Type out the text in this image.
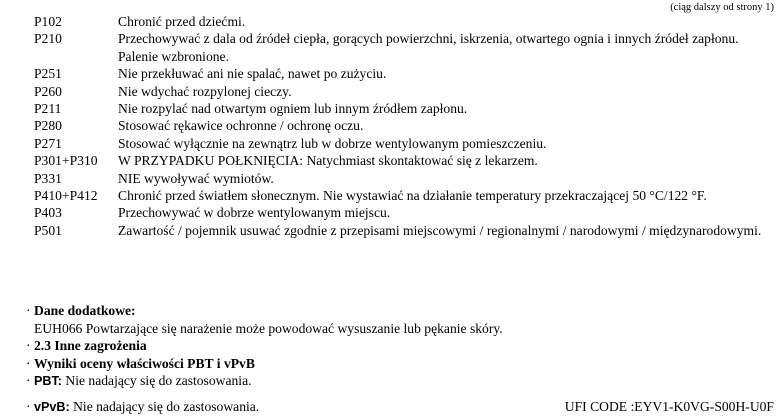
(ciąg dalszy od strony 1)
P102	Chronić przed dziećmi.
P210	Przechowywać z dala od źródeł ciepła, gorących powierzchni, iskrzenia, otwartego ognia i innych źródeł zapłonu. Palenie wzbronione.
P251	Nie przekłuwać ani nie spalać, nawet po zużyciu.
P260	Nie wdychać rozpylonej cieczy.
P211	Nie rozpylać nad otwartym ogniem lub innym źródłem zapłonu.
P280	Stosować rękawice ochronne / ochronę oczu.
P271	Stosować wyłącznie na zewnątrz lub w dobrze wentylowanym pomieszczeniu.
P301+P310	W PRZYPADKU POŁKNIĘCIA: Natychmiast skontaktować się z lekarzem.
P331	NIE wywoływać wymiotów.
P410+P412	Chronić przed światłem słonecznym. Nie wystawiać na działanie temperatury przekraczającej 50 °C/122 °F.
P403	Przechowywać w dobrze wentylowanym miejscu.
P501	Zawartość / pojemnik usuwać zgodnie z przepisami miejscowymi / regionalnymi / narodowymi / międzynarodowymi.
· Dane dodatkowe:
EUH066 Powtarzające się narażenie może powodować wysuszanie lub pękanie skóry.
· 2.3 Inne zagrożenia
· Wyniki oceny właściwości PBT i vPvB
· PBT: Nie nadający się do zastosowania.
· vPvB: Nie nadający się do zastosowania.	UFI CODE :EYV1-K0VG-S00H-U0F
